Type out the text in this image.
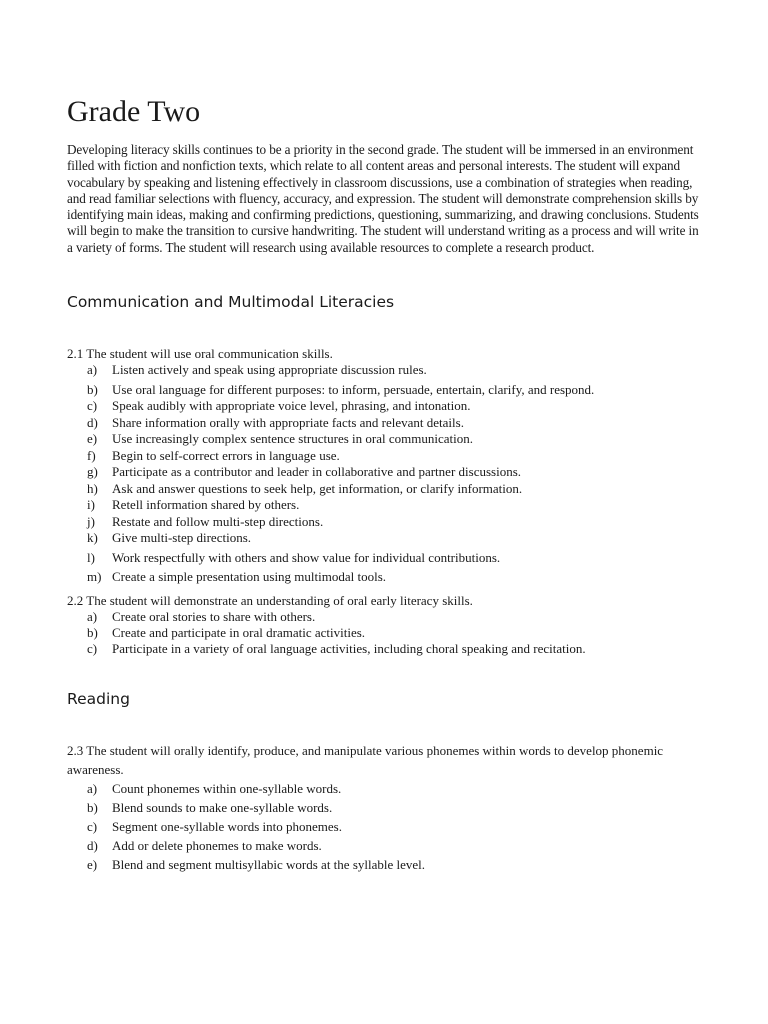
Grade Two

Developing literacy skills continues to be a priority in the second grade. The student will be immersed in an environment filled with fiction and nonfiction texts, which relate to all content areas and personal interests. The student will expand vocabulary by speaking and listening effectively in classroom discussions, use a combination of strategies when reading, and read familiar selections with fluency, accuracy, and expression. The student will demonstrate comprehension skills by identifying main ideas, making and confirming predictions, questioning, summarizing, and drawing conclusions. Students will begin to make the transition to cursive handwriting. The student will understand writing as a process and will write in a variety of forms. The student will research using available resources to complete a research product.

Communication and Multimodal Literacies

2.1 The student will use oral communication skills.

a) Listen actively and speak using appropriate discussion rules.
b) Use oral language for different purposes: to inform, persuade, entertain, clarify, and respond.
c) Speak audibly with appropriate voice level, phrasing, and intonation.
d) Share information orally with appropriate facts and relevant details.
e) Use increasingly complex sentence structures in oral communication.
f) Begin to self-correct errors in language use.
g) Participate as a contributor and leader in collaborative and partner discussions.
h) Ask and answer questions to seek help, get information, or clarify information.
i) Retell information shared by others.
j) Restate and follow multi-step directions.
k) Give multi-step directions.
l) Work respectfully with others and show value for individual contributions.
m) Create a simple presentation using multimodal tools.

2.2 The student will demonstrate an understanding of oral early literacy skills.

a) Create oral stories to share with others.
b) Create and participate in oral dramatic activities.
c) Participate in a variety of oral language activities, including choral speaking and recitation.
Reading

2.3 The student will orally identify, produce, and manipulate various phonemes within words to develop phonemic awareness.

a) Count phonemes within one-syllable words.
b) Blend sounds to make one-syllable words.
c) Segment one-syllable words into phonemes.
d) Add or delete phonemes to make words.
e) Blend and segment multisyllabic words at the syllable level.
